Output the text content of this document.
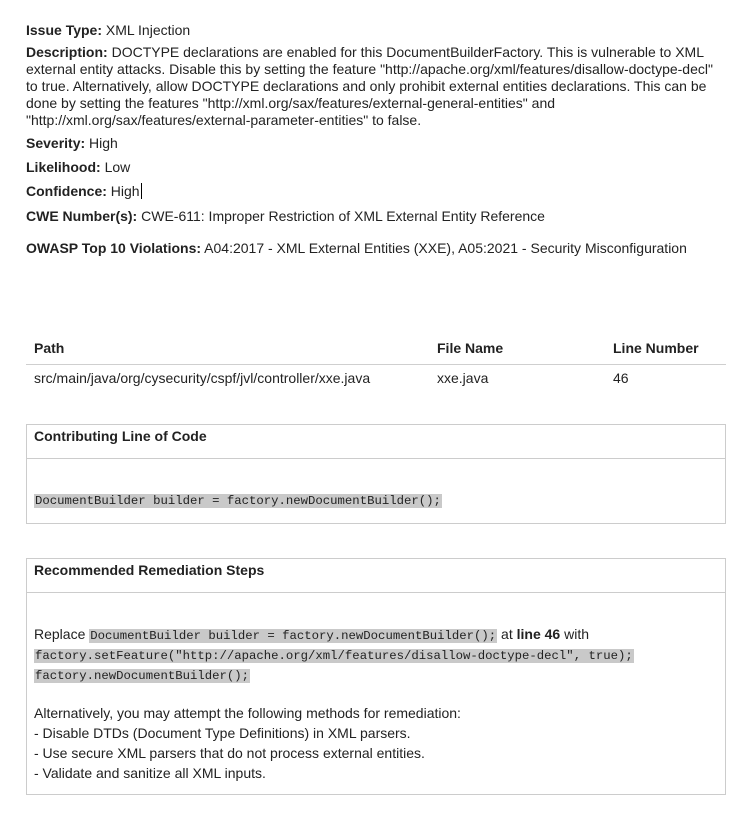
Issue Type: XML Injection

Description: DOCTYPE declarations are enabled for this DocumentBuilderFactory. This is vulnerable to XML external entity attacks. Disable this by setting the feature "http://apache.org/xml/features/disallow-doctype-decl" to true. Alternatively, allow DOCTYPE declarations and only prohibit external entities declarations. This can be done by setting the features "http://xml.org/sax/features/external-general-entities" and "http://xml.org/sax/features/external-parameter-entities" to false.

Severity: High

Likelihood: Low

Confidence: High

CWE Number(s): CWE-611: Improper Restriction of XML External Entity Reference

OWASP Top 10 Violations: A04:2017 - XML External Entities (XXE), A05:2021 - Security Misconfiguration

Path	File Name	Line Number
src/main/java/org/cysecurity/cspf/jvl/controller/xxe.java	xxe.java	46
Contributing Line of Code
DocumentBuilder builder = factory.newDocumentBuilder();
Recommended Remediation Steps
Replace DocumentBuilder builder = factory.newDocumentBuilder(); at line 46 with
factory.setFeature("http://apache.org/xml/features/disallow-doctype-decl", true);
factory.newDocumentBuilder();
Alternatively, you may attempt the following methods for remediation:
- Disable DTDs (Document Type Definitions) in XML parsers.
- Use secure XML parsers that do not process external entities.
- Validate and sanitize all XML inputs.
